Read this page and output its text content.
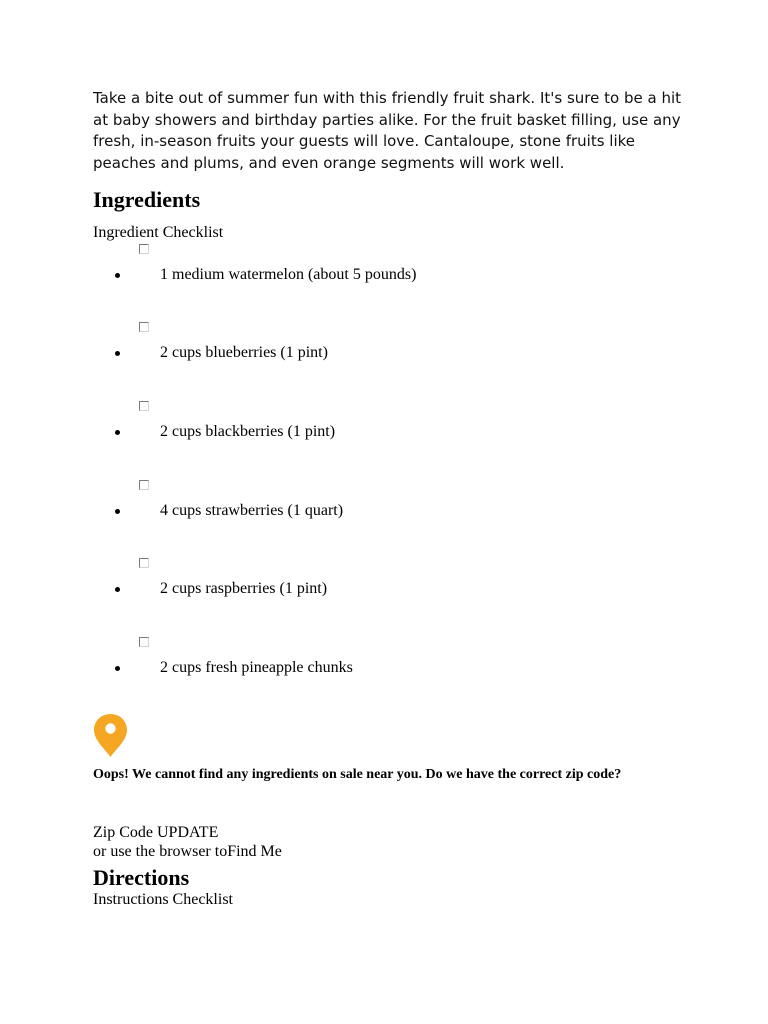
Take a bite out of summer fun with this friendly fruit shark. It's sure to be a hit at baby showers and birthday parties alike. For the fruit basket filling, use any fresh, in-season fruits your guests will love. Cantaloupe, stone fruits like peaches and plums, and even orange segments will work well.

Ingredients
Ingredient Checklist
1 medium watermelon (about 5 pounds)
2 cups blueberries (1 pint)
2 cups blackberries (1 pint)
4 cups strawberries (1 quart)
2 cups raspberries (1 pint)
2 cups fresh pineapple chunks

Oops! We cannot find any ingredients on sale near you. Do we have the correct zip code?

Zip Code UPDATE
or use the browser toFind Me
Directions
Instructions Checklist
